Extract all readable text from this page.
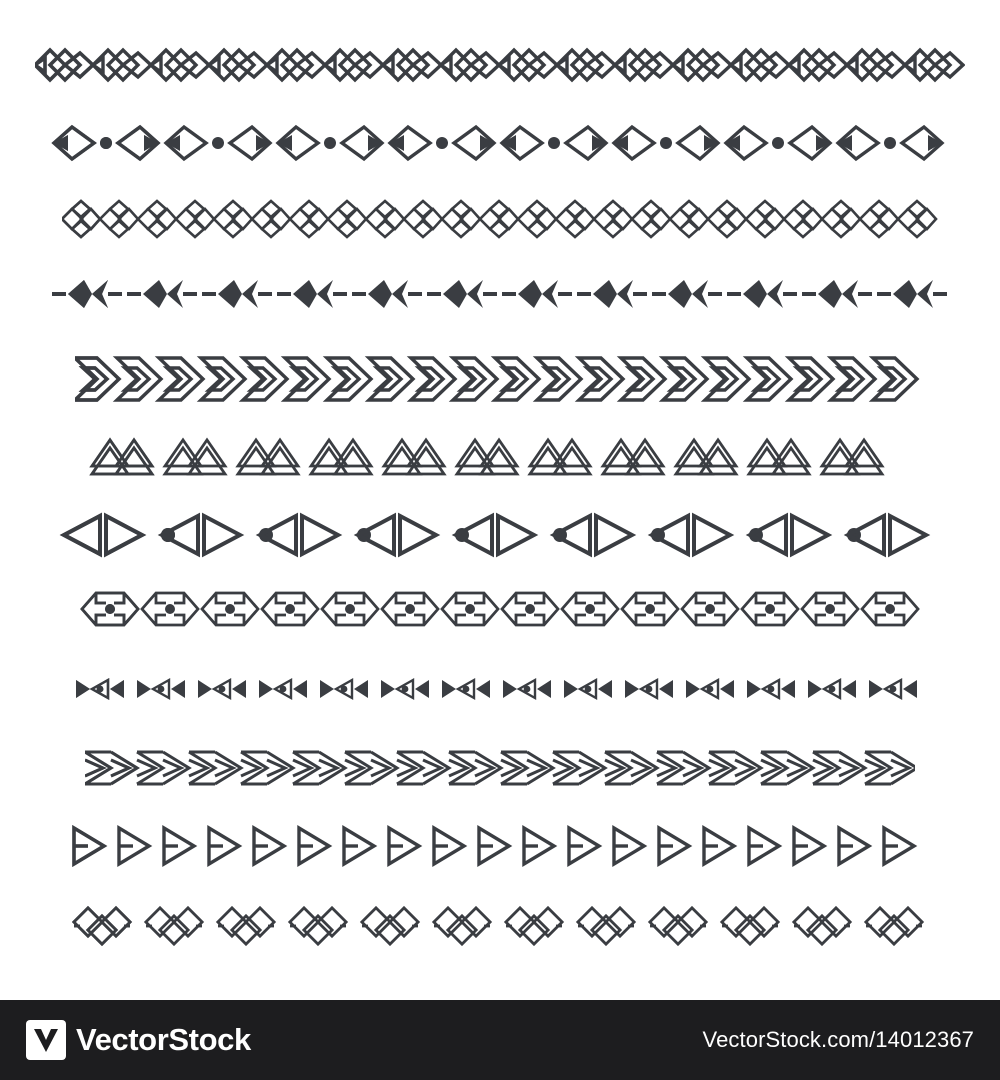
VectorStock	VectorStock.com/14012367
